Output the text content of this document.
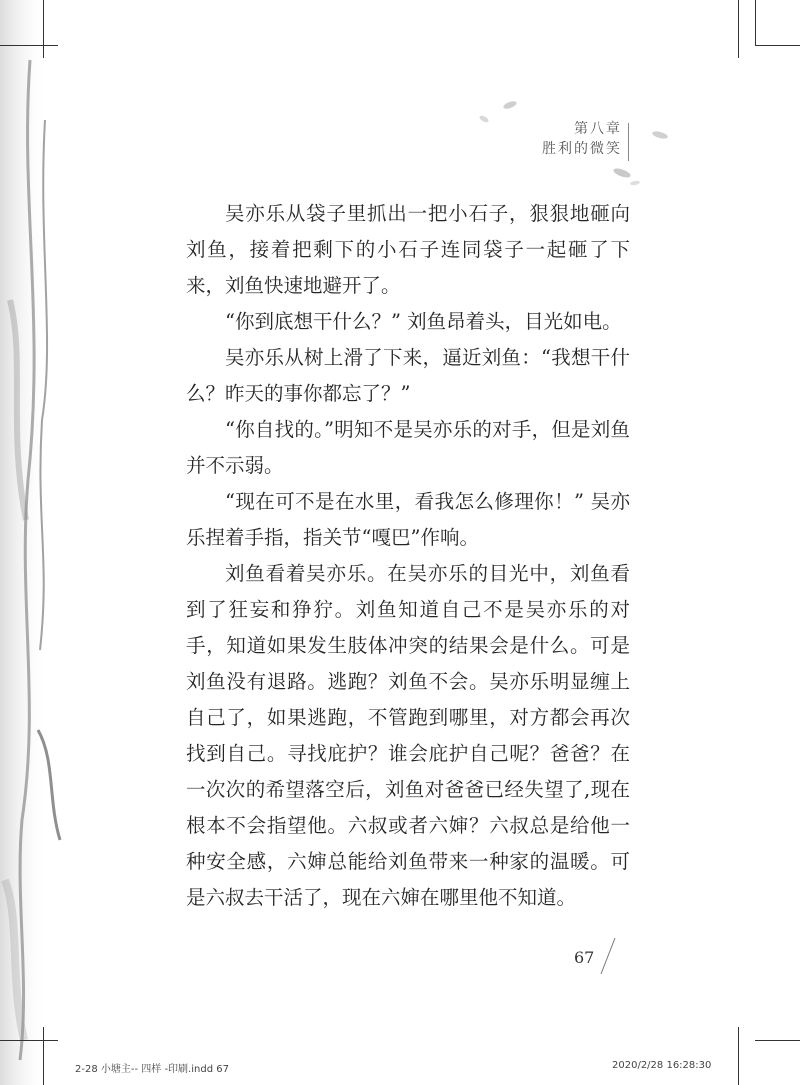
第八章
胜利的微笑

吴亦乐从袋子里抓出一把小石子，狠狠地砸向刘鱼，接着把剩下的小石子连同袋子一起砸了下来，刘鱼快速地避开了。

“你到底想干什么？” 刘鱼昂着头，目光如电。

吴亦乐从树上滑了下来，逼近刘鱼：“我想干什么？昨天的事你都忘了？”

“你自找的。”明知不是吴亦乐的对手，但是刘鱼并不示弱。

“现在可不是在水里，看我怎么修理你！” 吴亦乐捏着手指，指关节“嘎巴”作响。

刘鱼看着吴亦乐。在吴亦乐的目光中，刘鱼看到了狂妄和狰狞。刘鱼知道自己不是吴亦乐的对手，知道如果发生肢体冲突的结果会是什么。可是刘鱼没有退路。逃跑？刘鱼不会。吴亦乐明显缠上自己了，如果逃跑，不管跑到哪里，对方都会再次找到自己。寻找庇护？谁会庇护自己呢？爸爸？在一次次的希望落空后，刘鱼对爸爸已经失望了,现在根本不会指望他。六叔或者六婶？六叔总是给他一种安全感，六婶总能给刘鱼带来一种家的温暖。可是六叔去干活了，现在六婶在哪里他不知道。

67
2-28 小塘主-- 四样 -印刷.indd 67	2020/2/28 16:28:30
